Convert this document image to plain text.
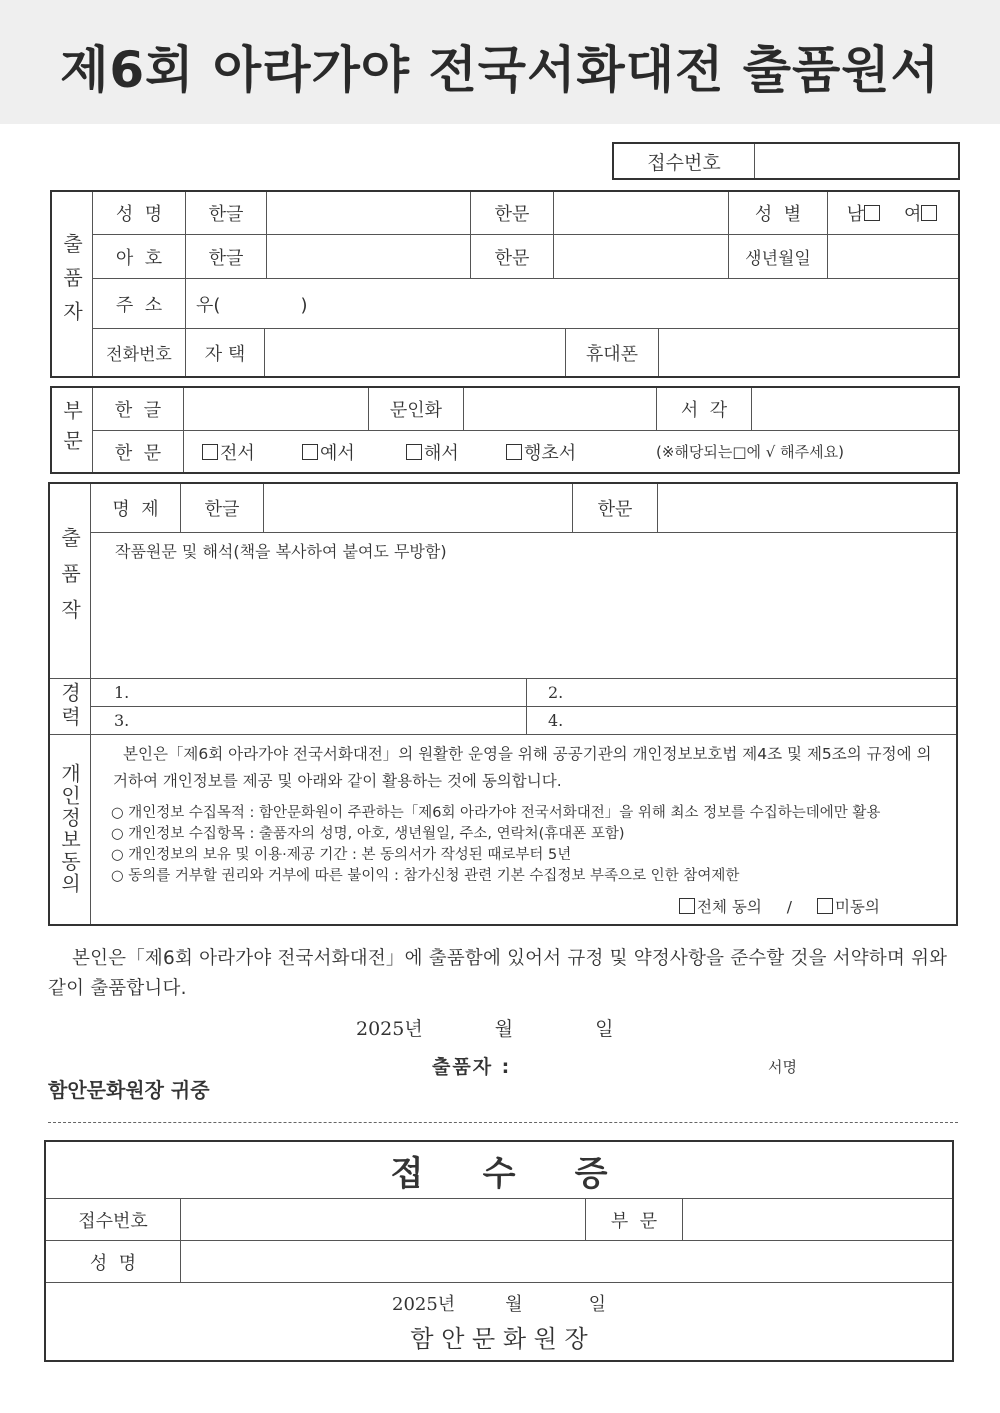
제6회 아라가야 전국서화대전 출품원서
접수번호
출품자
성  명	한글	한문	성  별	남 여
아  호	한글	한문	생년월일
주  소	우(              )
전화번호	자 택	휴대폰
부문	한  글	문인화	서  각
한  문	전서	예서	해서	행초서	(※해당되는□에 √ 해주세요)
출품작
명  제	한글	한문
작품원문 및 해석(책을 복사하여 붙여도 무방함)
경력 1.	2.
3.	4.
개인정보동의
본인은「제6회 아라가야 전국서화대전」의 원활한 운영을 위해 공공기관의 개인정보보호법 제4조 및 제5조의 규정에 의거하여 개인정보를 제공 및 아래와 같이 활용하는 것에 동의합니다.
○ 개인정보 수집목적 : 함안문화원이 주관하는「제6회 아라가야 전국서화대전」을 위해 최소 정보를 수집하는데에만 활용
○ 개인정보 수집항목 : 출품자의 성명, 아호, 생년월일, 주소, 연락처(휴대폰 포함)
○ 개인정보의 보유 및 이용·제공 기간 : 본 동의서가 작성된 때로부터 5년
○ 동의를 거부할 권리와 거부에 따른 불이익 : 참가신청 관련 기본 수집정보 부족으로 인한 참여제한
전체 동의 /	미동의
본인은「제6회 아라가야 전국서화대전」에 출품함에 있어서 규정 및 약정사항을 준수할 것을 서약하며 위와 같이 출품합니다.
2025년	월	일
출품자 :	서명
함안문화원장 귀중
접     수     증
접수번호	부  문
성  명
2025년	월	일
함 안 문 화 원 장
